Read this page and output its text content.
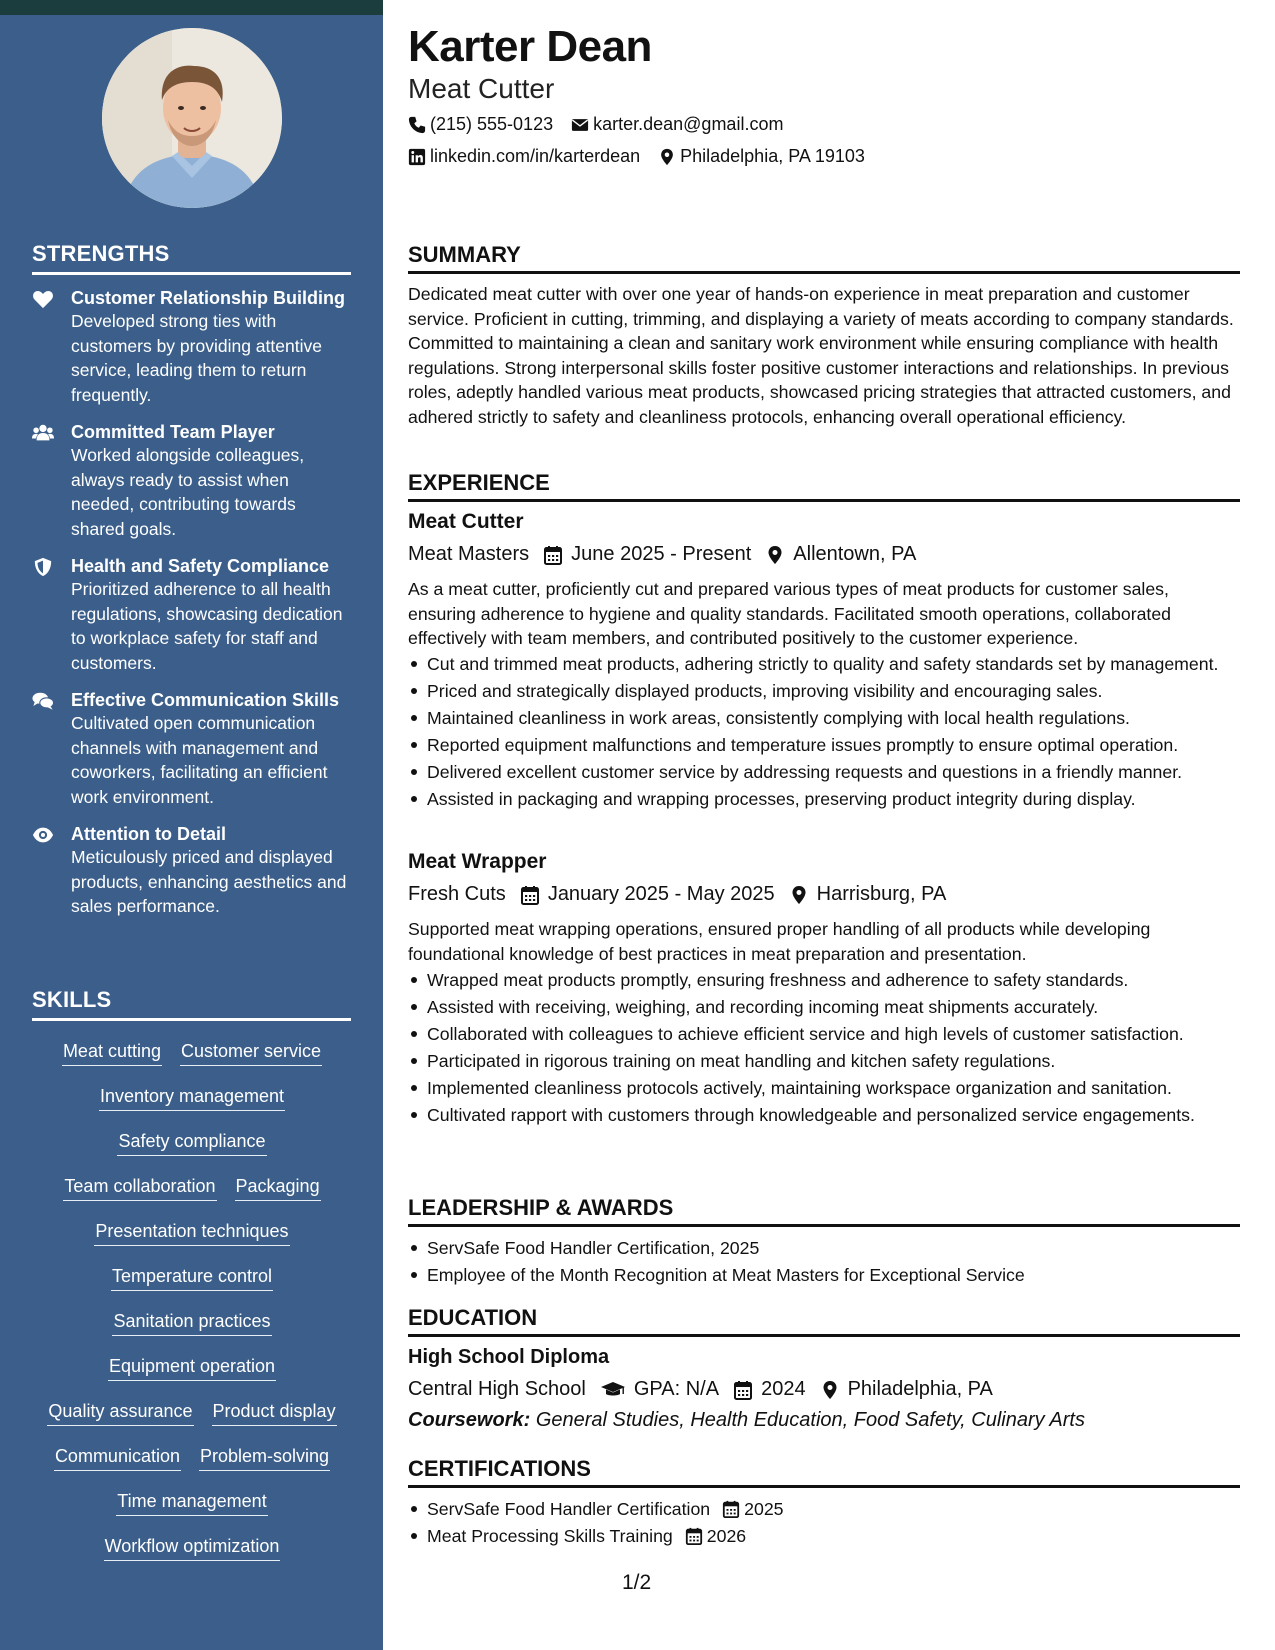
STRENGTHS
Customer Relationship Building
Developed strong ties with customers by providing attentive service, leading them to return frequently.
Committed Team Player
Worked alongside colleagues, always ready to assist when needed, contributing towards shared goals.
Health and Safety Compliance
Prioritized adherence to all health regulations, showcasing dedication to workplace safety for staff and customers.
Effective Communication Skills
Cultivated open communication channels with management and coworkers, facilitating an efficient work environment.
Attention to Detail
Meticulously priced and displayed products, enhancing aesthetics and sales performance.
SKILLS
Meat cutting Customer service
Inventory management
Safety compliance
Team collaboration Packaging
Presentation techniques
Temperature control
Sanitation practices
Equipment operation
Quality assurance Product display
Communication Problem-solving
Time management
Workflow optimization
Karter Dean
Meat Cutter
(215) 555-0123 karter.dean@gmail.com
linkedin.com/in/karterdean Philadelphia, PA 19103
SUMMARY
Dedicated meat cutter with over one year of hands-on experience in meat preparation and customer service. Proficient in cutting, trimming, and displaying a variety of meats according to company standards. Committed to maintaining a clean and sanitary work environment while ensuring compliance with health regulations. Strong interpersonal skills foster positive customer interactions and relationships. In previous roles, adeptly handled various meat products, showcased pricing strategies that attracted customers, and adhered strictly to safety and cleanliness protocols, enhancing overall operational efficiency.
EXPERIENCE
Meat Cutter
Meat Masters June 2025 - Present Allentown, PA
As a meat cutter, proficiently cut and prepared various types of meat products for customer sales, ensuring adherence to hygiene and quality standards. Facilitated smooth operations, collaborated effectively with team members, and contributed positively to the customer experience.
Cut and trimmed meat products, adhering strictly to quality and safety standards set by management.
Priced and strategically displayed products, improving visibility and encouraging sales.
Maintained cleanliness in work areas, consistently complying with local health regulations.
Reported equipment malfunctions and temperature issues promptly to ensure optimal operation.
Delivered excellent customer service by addressing requests and questions in a friendly manner.
Assisted in packaging and wrapping processes, preserving product integrity during display.
Meat Wrapper
Fresh Cuts January 2025 - May 2025 Harrisburg, PA
Supported meat wrapping operations, ensured proper handling of all products while developing foundational knowledge of best practices in meat preparation and presentation.
Wrapped meat products promptly, ensuring freshness and adherence to safety standards.
Assisted with receiving, weighing, and recording incoming meat shipments accurately.
Collaborated with colleagues to achieve efficient service and high levels of customer satisfaction.
Participated in rigorous training on meat handling and kitchen safety regulations.
Implemented cleanliness protocols actively, maintaining workspace organization and sanitation.
Cultivated rapport with customers through knowledgeable and personalized service engagements.
LEADERSHIP & AWARDS
ServSafe Food Handler Certification, 2025
Employee of the Month Recognition at Meat Masters for Exceptional Service
EDUCATION
High School Diploma
Central High School GPA: N/A 2024 Philadelphia, PA
Coursework: General Studies, Health Education, Food Safety, Culinary Arts
CERTIFICATIONS
ServSafe Food Handler Certification 2025
Meat Processing Skills Training 2026
1/2
